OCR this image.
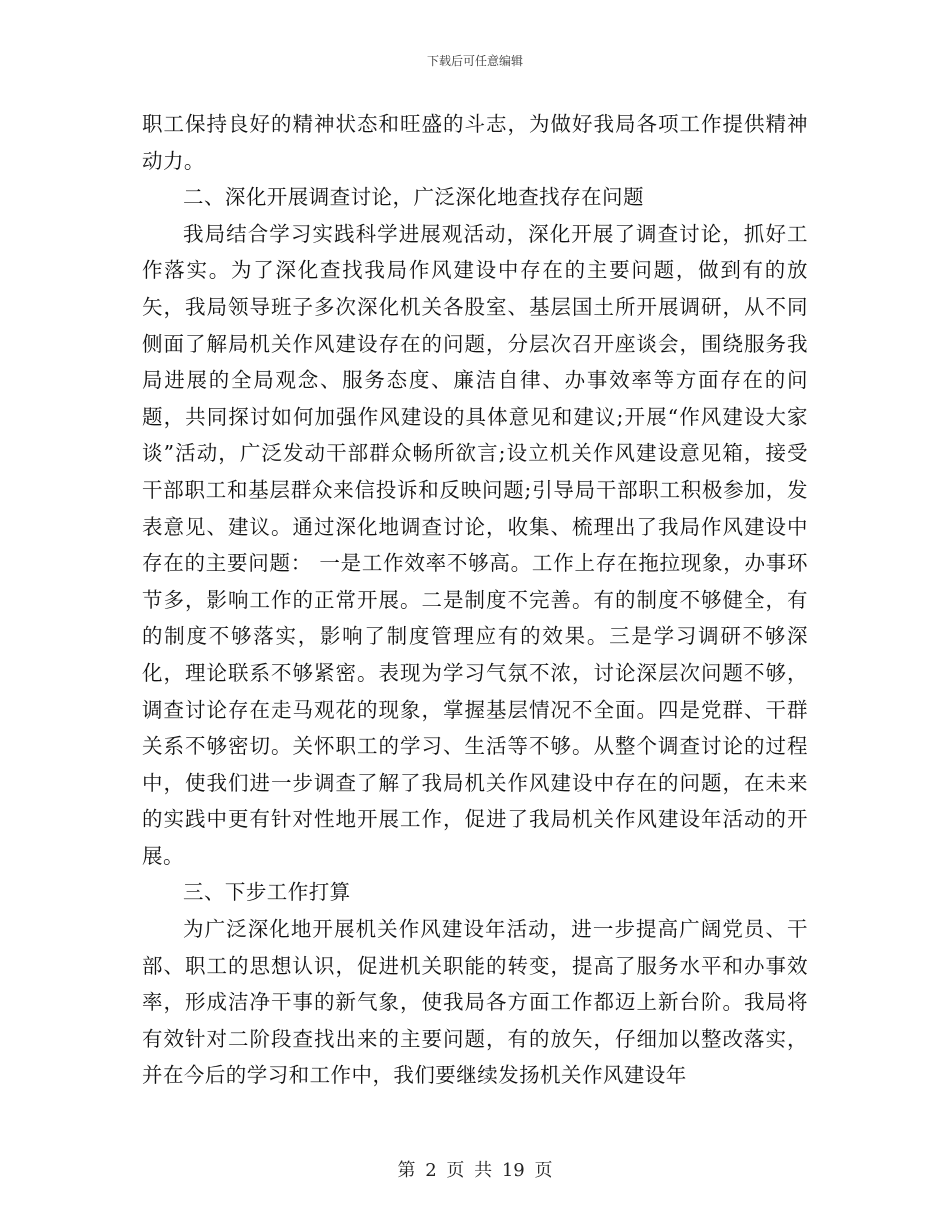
下载后可任意编辑

职工保持良好的精神状态和旺盛的斗志，为做好我局各项工作提供精神动力。

二、深化开展调查讨论，广泛深化地查找存在问题

我局结合学习实践科学进展观活动，深化开展了调查讨论，抓好工作落实。为了深化查找我局作风建设中存在的主要问题，做到有的放矢，我局领导班子多次深化机关各股室、基层国土所开展调研，从不同侧面了解局机关作风建设存在的问题，分层次召开座谈会，围绕服务我局进展的全局观念、服务态度、廉洁自律、办事效率等方面存在的问题，共同探讨如何加强作风建设的具体意见和建议;开展“作风建设大家谈”活动，广泛发动干部群众畅所欲言;设立机关作风建设意见箱，接受干部职工和基层群众来信投诉和反映问题;引导局干部职工积极参加，发表意见、建议。通过深化地调查讨论，收集、梳理出了我局作风建设中存在的主要问题： 一是工作效率不够高。工作上存在拖拉现象，办事环节多，影响工作的正常开展。二是制度不完善。有的制度不够健全，有的制度不够落实，影响了制度管理应有的效果。三是学习调研不够深化，理论联系不够紧密。表现为学习气氛不浓，讨论深层次问题不够，调查讨论存在走马观花的现象，掌握基层情况不全面。四是党群、干群关系不够密切。关怀职工的学习、生活等不够。从整个调查讨论的过程中，使我们进一步调查了解了我局机关作风建设中存在的问题，在未来的实践中更有针对性地开展工作，促进了我局机关作风建设年活动的开展。

三、下步工作打算

为广泛深化地开展机关作风建设年活动，进一步提高广阔党员、干部、职工的思想认识，促进机关职能的转变，提高了服务水平和办事效率，形成洁净干事的新气象，使我局各方面工作都迈上新台阶。我局将有效针对二阶段查找出来的主要问题，有的放矢，仔细加以整改落实，并在今后的学习和工作中，我们要继续发扬机关作风建设年

第 2 页 共 19 页
